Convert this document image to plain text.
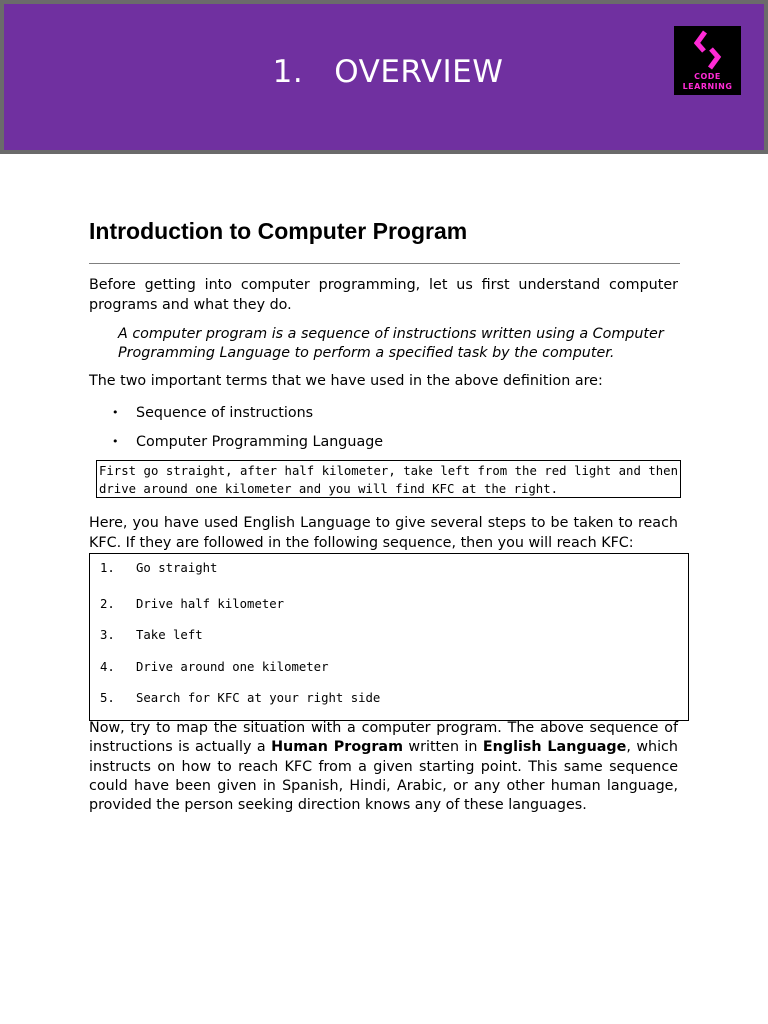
1.   OVERVIEW	CODE
LEARNING
Introduction to Computer Program

Before getting into computer programming, let us first understand computer programs and what they do.

A computer program is a sequence of instructions written using a Computer Programming Language to perform a specified task by the computer.

The two important terms that we have used in the above definition are:

• Sequence of instructions
• Computer Programming Language
First go straight, after half kilometer, take left from the red light and then drive around one kilometer and you will find KFC at the right.

Here, you have used English Language to give several steps to be taken to reach KFC. If they are followed in the following sequence, then you will reach KFC:

1. Go straight
2. Drive half kilometer
3. Take left
4. Drive around one kilometer
5. Search for KFC at your right side

Now, try to map the situation with a computer program. The above sequence of instructions is actually a Human Program written in English Language, which instructs on how to reach KFC from a given starting point. This same sequence could have been given in Spanish, Hindi, Arabic, or any other human language, provided the person seeking direction knows any of these languages.
